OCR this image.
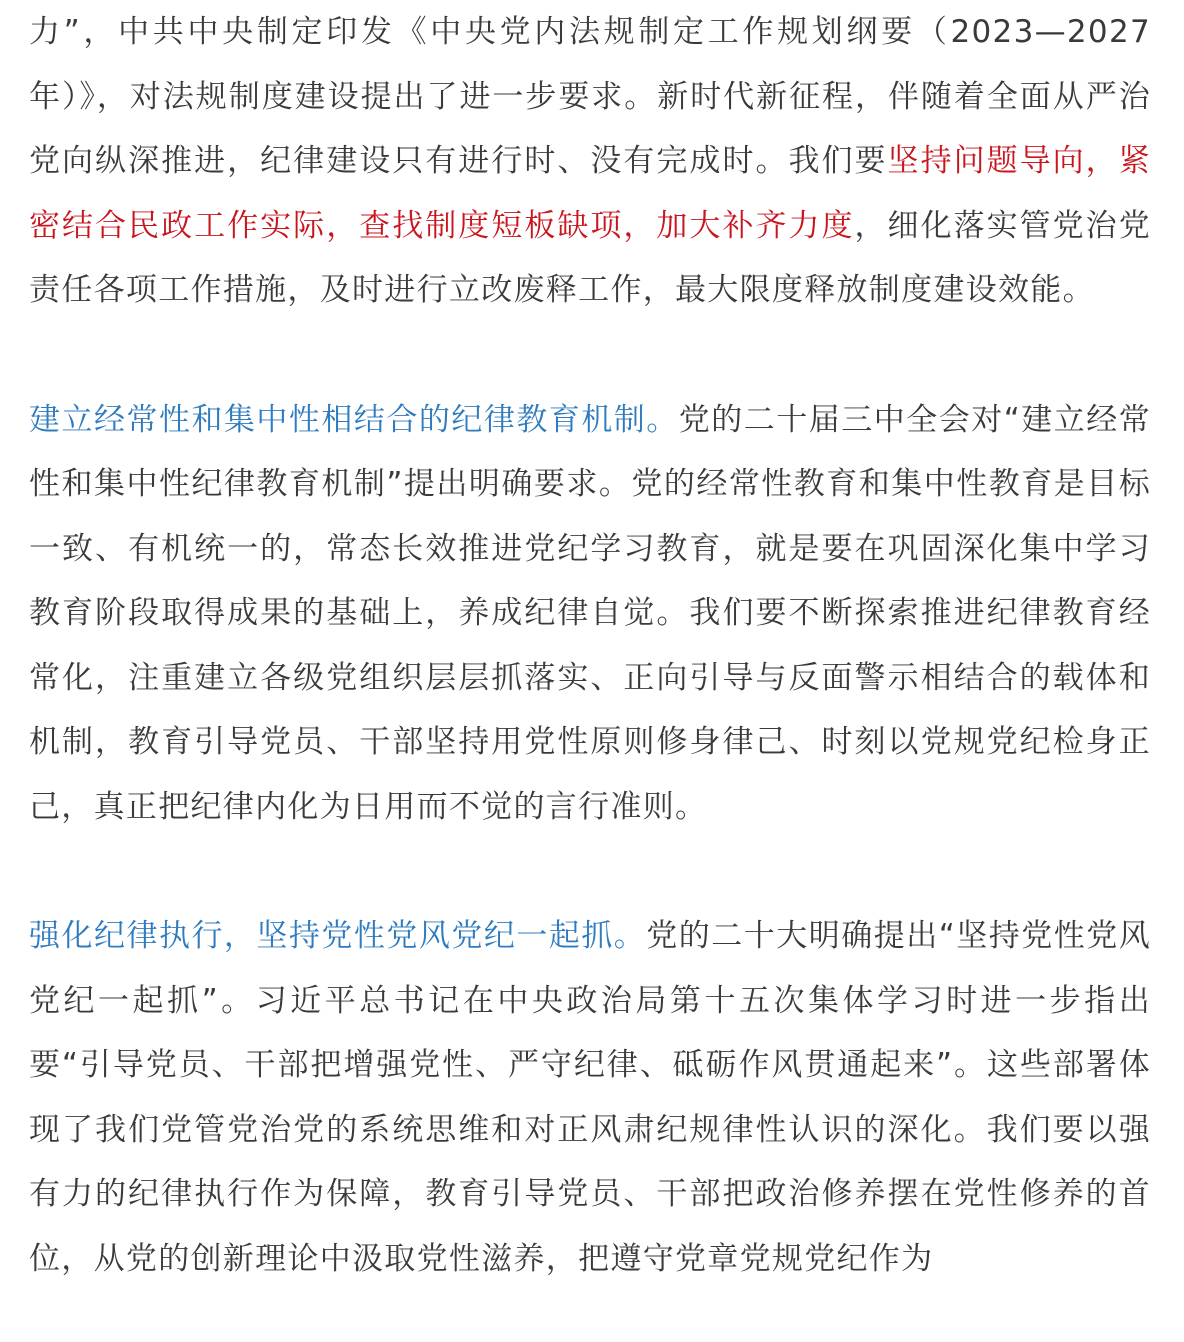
力”，中共中央制定印发《中央党内法规制定工作规划纲要（2023—2027年）》，对法规制度建设提出了进一步要求。新时代新征程，伴随着全面从严治党向纵深推进，纪律建设只有进行时、没有完成时。我们要坚持问题导向，紧密结合民政工作实际，查找制度短板缺项，加大补齐力度，细化落实管党治党责任各项工作措施，及时进行立改废释工作，最大限度释放制度建设效能。

建立经常性和集中性相结合的纪律教育机制。党的二十届三中全会对“建立经常性和集中性纪律教育机制”提出明确要求。党的经常性教育和集中性教育是目标一致、有机统一的，常态长效推进党纪学习教育，就是要在巩固深化集中学习教育阶段取得成果的基础上，养成纪律自觉。我们要不断探索推进纪律教育经常化，注重建立各级党组织层层抓落实、正向引导与反面警示相结合的载体和机制，教育引导党员、干部坚持用党性原则修身律己、时刻以党规党纪检身正己，真正把纪律内化为日用而不觉的言行准则。

强化纪律执行，坚持党性党风党纪一起抓。党的二十大明确提出“坚持党性党风党纪一起抓”。习近平总书记在中央政治局第十五次集体学习时进一步指出要“引导党员、干部把增强党性、严守纪律、砥砺作风贯通起来”。这些部署体现了我们党管党治党的系统思维和对正风肃纪规律性认识的深化。我们要以强有力的纪律执行作为保障，教育引导党员、干部把政治修养摆在党性修养的首位，从党的创新理论中汲取党性滋养，把遵守党章党规党纪作为
